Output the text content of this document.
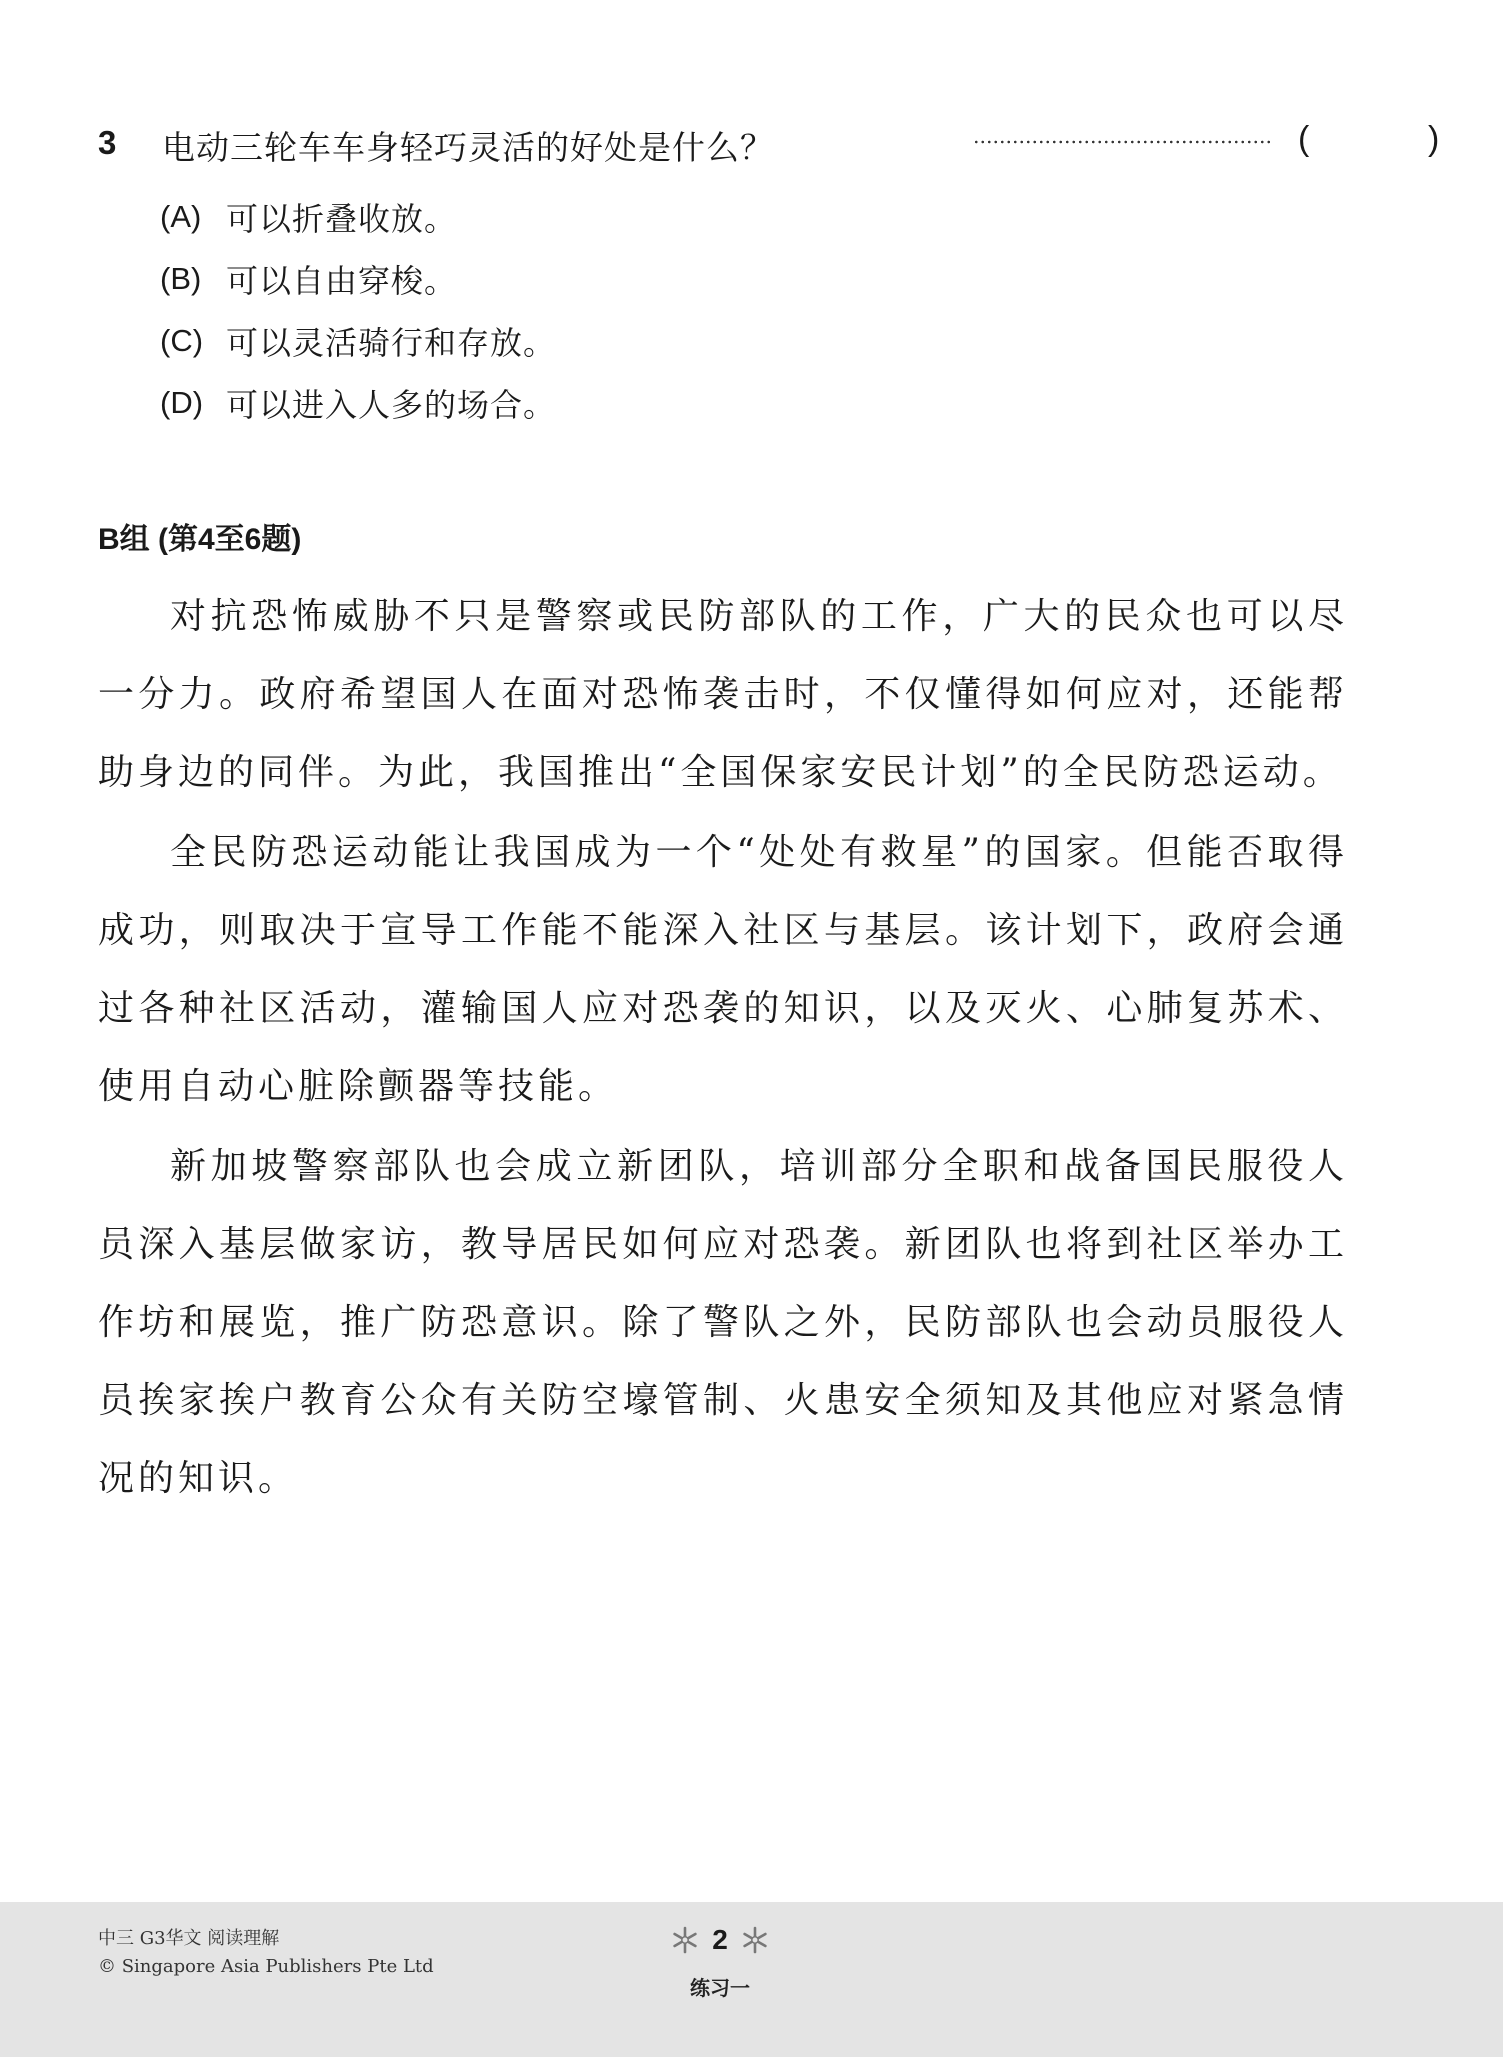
3 电动三轮车车身轻巧灵活的好处是什么？	(	)
(A) 可以折叠收放。
(B) 可以自由穿梭。
(C) 可以灵活骑行和存放。
(D) 可以进入人多的场合。
B组 (第4至6题)

对抗恐怖威胁不只是警察或民防部队的工作，广大的民众也可以尽一分力。政府希望国人在面对恐怖袭击时，不仅懂得如何应对，还能帮助身边的同伴。为此，我国推出“全国保家安民计划”的全民防恐运动。

全民防恐运动能让我国成为一个“处处有救星”的国家。但能否取得成功，则取决于宣导工作能不能深入社区与基层。该计划下，政府会通过各种社区活动，灌输国人应对恐袭的知识，以及灭火、心肺复苏术、使用自动心脏除颤器等技能。

新加坡警察部队也会成立新团队，培训部分全职和战备国民服役人员深入基层做家访，教导居民如何应对恐袭。新团队也将到社区举办工作坊和展览，推广防恐意识。除了警队之外，民防部队也会动员服役人员挨家挨户教育公众有关防空壕管制、火患安全须知及其他应对紧急情况的知识。

中三 G3华文 阅读理解
© Singapore Asia Publishers Pte Ltd
2
练习一
